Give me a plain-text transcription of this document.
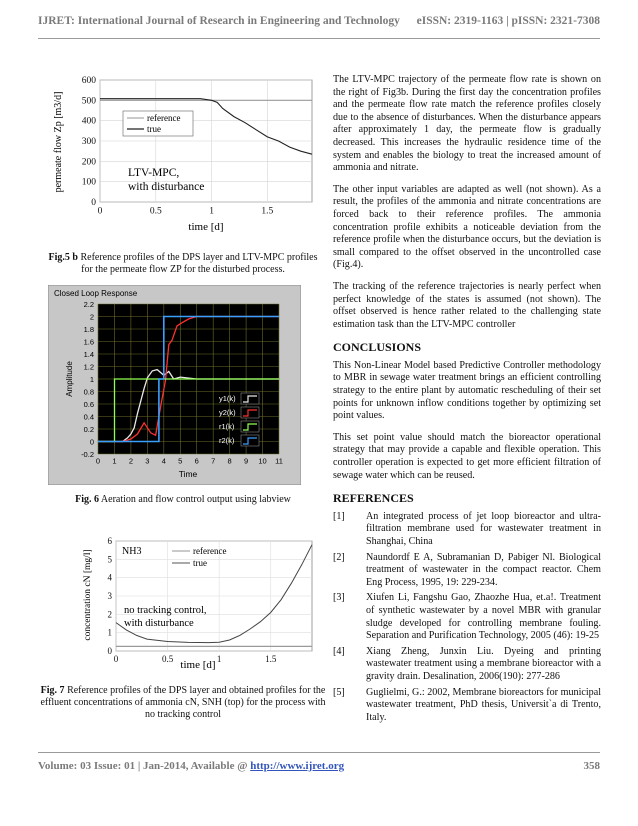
IJRET: International Journal of Research in Engineering and Technology eISSN: 2319-1163 | pISSN: 2321-7308
600
500
400
300
200
100
0
0	0.5	1	1.5
permeate flow Zp [m3/d]
time [d]
reference
true
LTV-MPC,
with disturbance
Fig.5 b Reference profiles of the DPS layer and LTV-MPC profiles for the permeate flow ZP for the disturbed process.
Closed Loop Response
2.2
2
1.8
1.6
1.4
1.2
1
0.8
0.6
0.4
0.2
0
-0.2
0 1 2 3 4 5 6 7 8 9 10 11
Amplitude
Time
y1(k)
y2(k)
r1(k)
r2(k)
Fig. 6 Aeration and flow control output using labview
6
5
4
3
2
1
0
0	0.5	1	1.5
concentration cN [mg/l]
time [d]
NH3	reference
true
no tracking control,
with disturbance
Fig. 7 Reference profiles of the DPS layer and obtained profiles for the effluent concentrations of ammonia cN, SNH (top) for the process with no tracking control

The LTV-MPC trajectory of the permeate flow rate is shown on the right of Fig3b. During the first day the concentration profiles and the permeate flow rate match the reference profiles closely due to the absence of disturbances. When the disturbance appears after approximately 1 day, the permeate flow is gradually decreased. This increases the hydraulic residence time of the system and enables the biology to treat the increased amount of ammonia and nitrate.

The other input variables are adapted as well (not shown). As a result, the profiles of the ammonia and nitrate concentrations are forced back to their reference profiles. The ammonia concentration profile exhibits a noticeable deviation from the reference profile when the disturbance occurs, but the deviation is small compared to the offset observed in the uncontrolled case (Fig.4).

The tracking of the reference trajectories is nearly perfect when perfect knowledge of the states is assumed (not shown). The offset observed is hence rather related to the challenging state estimation task than the LTV-MPC controller

CONCLUSIONS

This Non-Linear Model based Predictive Controller methodology to MBR in sewage water treatment brings an efficient controlling strategy to the entire plant by automatic rescheduling of their set points for unknown inflow conditions together by optimizing set point values.

This set point value should match the bioreactor operational strategy that may provide a capable and flexible operation. This controller operation is expected to get more efficient filtration of sewage water which can be reused.

REFERENCES
[1]	An integrated process of jet loop bioreactor and ultra-filtration membrane used for wastewater treatment in Shanghai, China
[2]	Naundordf E A, Subramanian D, Pabiger Nl. Biological treatment of wastewater in the compact reactor. Chem Eng Process, 1995, 19: 229-234.
[3]	Xiufen Li, Fangshu Gao, Zhaozhe Hua, et.a!. Treatment of synthetic wastewater by a novel MBR with granular sludge developed for controlling membrane fouling. Separation and Purification Technology, 2005 (46): 19-25
[4]	Xiang Zheng, Junxin Liu. Dyeing and printing wastewater treatment using a membrane bioreactor with a gravity drain. Desalination, 2006(190): 277-286
[5]	Guglielmi, G.: 2002, Membrane bioreactors for municipal wastewater treatment, PhD thesis, Universit`a di Trento, Italy.
Volume: 03 Issue: 01 | Jan-2014, Available @ http://www.ijret.org	358
